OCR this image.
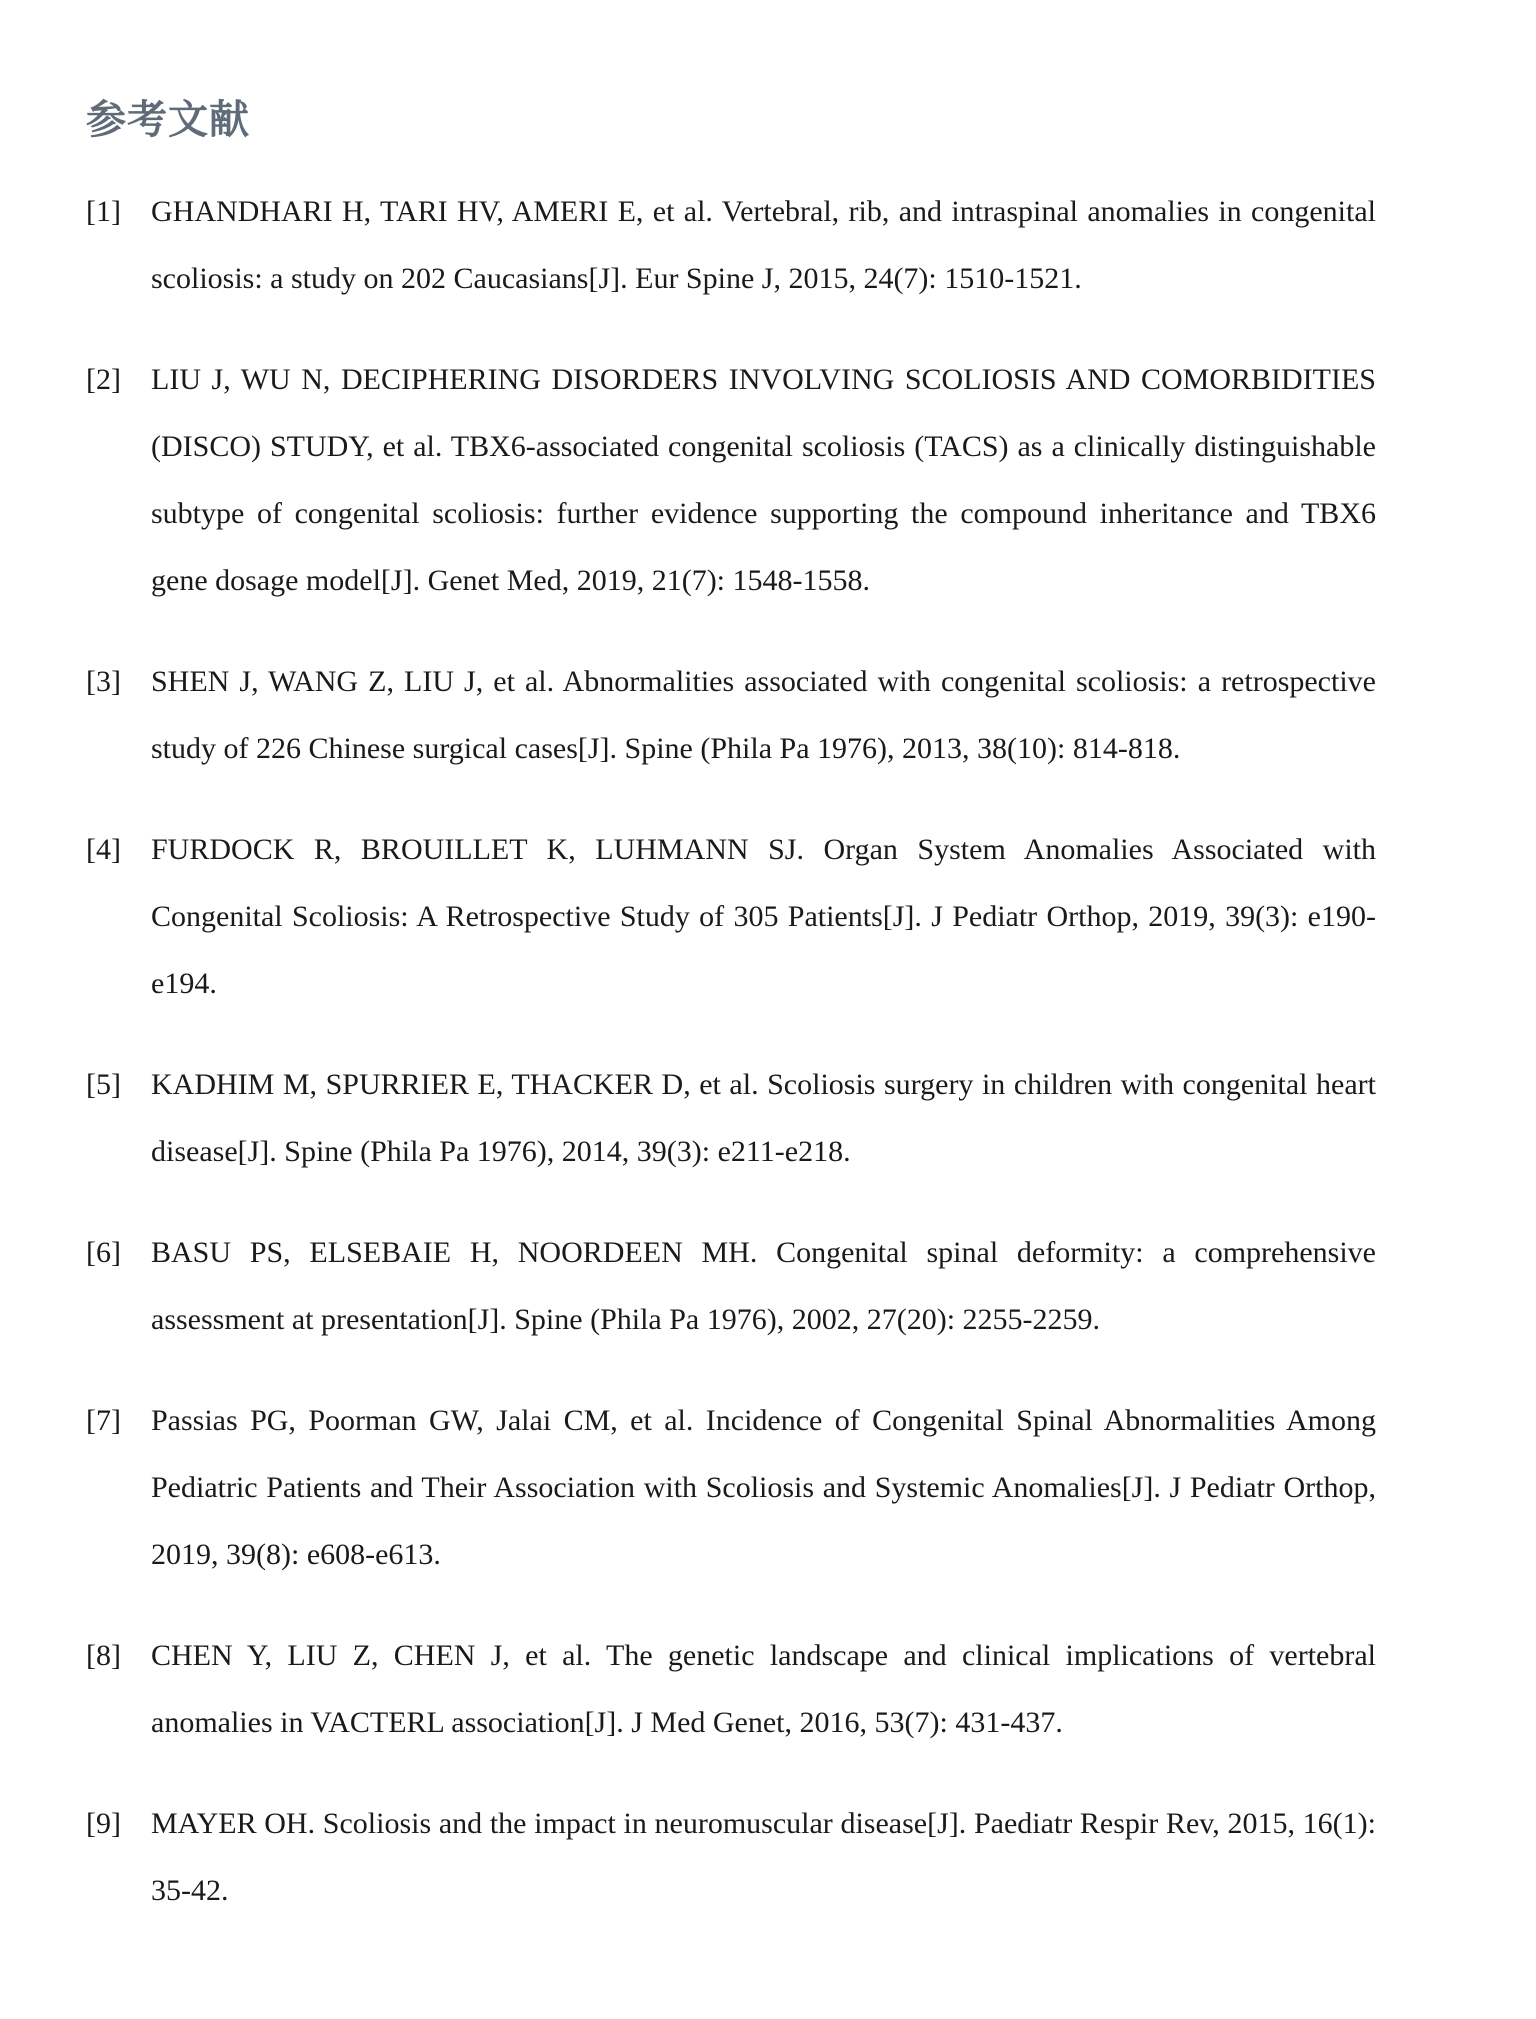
参考文献
[1]	GHANDHARI H, TARI HV, AMERI E, et al. Vertebral, rib, and intraspinal anomalies in congenital scoliosis: a study on 202 Caucasians[J]. Eur Spine J, 2015, 24(7): 1510-1521.
[2]	LIU J, WU N, DECIPHERING DISORDERS INVOLVING SCOLIOSIS AND COMORBIDITIES (DISCO) STUDY, et al. TBX6-associated congenital scoliosis (TACS) as a clinically distinguishable subtype of congenital scoliosis: further evidence supporting the compound inheritance and TBX6 gene dosage model[J]. Genet Med, 2019, 21(7): 1548-1558.
[3]	SHEN J, WANG Z, LIU J, et al. Abnormalities associated with congenital scoliosis: a retrospective study of 226 Chinese surgical cases[J]. Spine (Phila Pa 1976), 2013, 38(10): 814-818.
[4]	FURDOCK R, BROUILLET K, LUHMANN SJ. Organ System Anomalies Associated with Congenital Scoliosis: A Retrospective Study of 305 Patients[J]. J Pediatr Orthop, 2019, 39(3): e190-e194.
[5]	KADHIM M, SPURRIER E, THACKER D, et al. Scoliosis surgery in children with congenital heart disease[J]. Spine (Phila Pa 1976), 2014, 39(3): e211-e218.
[6]	BASU PS, ELSEBAIE H, NOORDEEN MH. Congenital spinal deformity: a comprehensive assessment at presentation[J]. Spine (Phila Pa 1976), 2002, 27(20): 2255-2259.
[7]	Passias PG, Poorman GW, Jalai CM, et al. Incidence of Congenital Spinal Abnormalities Among Pediatric Patients and Their Association with Scoliosis and Systemic Anomalies[J]. J Pediatr Orthop, 2019, 39(8): e608-e613.
[8]	CHEN Y, LIU Z, CHEN J, et al. The genetic landscape and clinical implications of vertebral anomalies in VACTERL association[J]. J Med Genet, 2016, 53(7): 431-437.
[9]	MAYER OH. Scoliosis and the impact in neuromuscular disease[J]. Paediatr Respir Rev, 2015, 16(1): 35-42.
